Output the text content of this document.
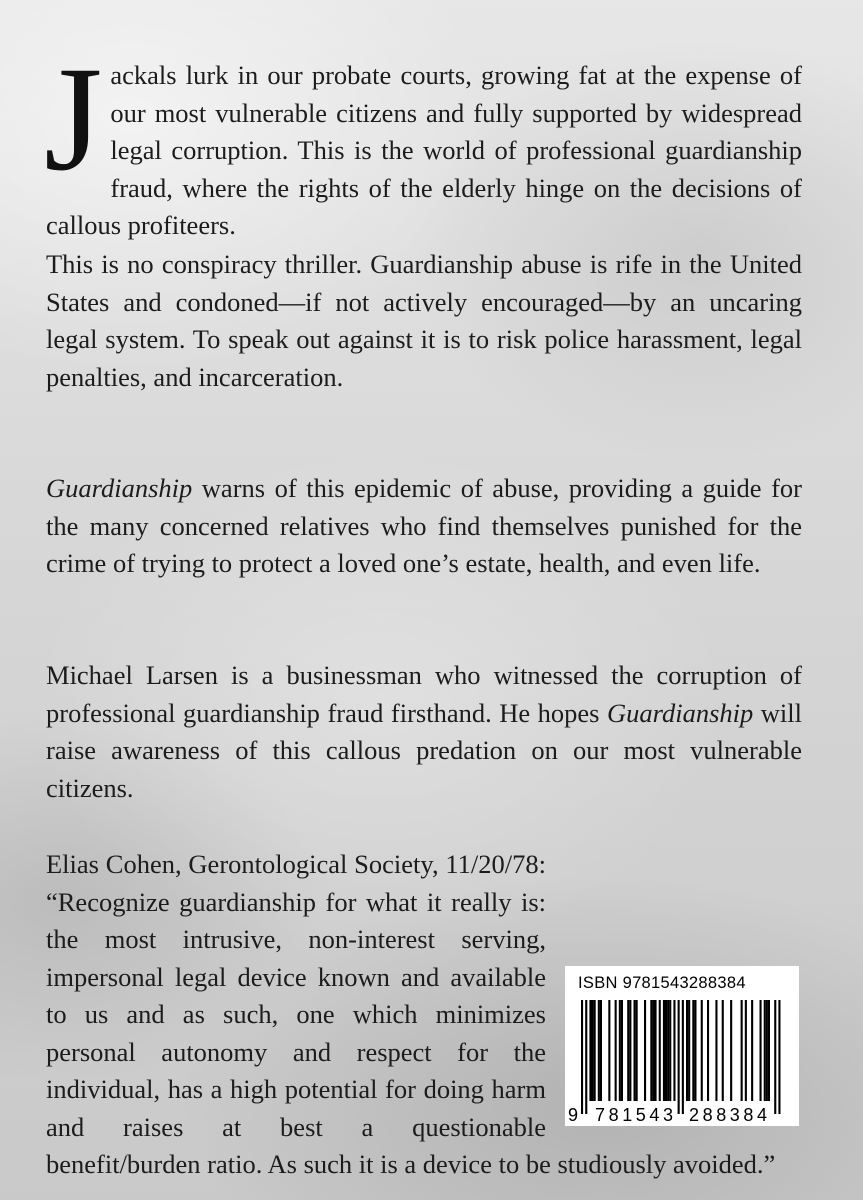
Jackals lurk in our probate courts, growing fat at the expense of our most vulnerable citizens and fully supported by widespread legal corruption. This is the world of professional guardianship fraud, where the rights of the elderly hinge on the decisions of callous profiteers.

This is no conspiracy thriller. Guardianship abuse is rife in the United States and condoned—if not actively encouraged—by an uncaring legal system. To speak out against it is to risk police harassment, legal penalties, and incarceration.

Guardianship warns of this epidemic of abuse, providing a guide for the many concerned relatives who find themselves punished for the crime of trying to protect a loved one’s estate, health, and even life.

Michael Larsen is a businessman who witnessed the corruption of professional guardianship fraud firsthand. He hopes Guardianship will raise awareness of this callous predation on our most vulnerable citizens.

Elias Cohen, Gerontological Society, 11/20/78: “Recognize guardianship for what it really is: the most intrusive, non-interest serving, impersonal legal device known and available to us and as such, one which minimizes personal autonomy and respect for the individual, has a high potential for doing harm and raises at best a questionable benefit/burden ratio. As such it is a device to be studiously avoided.”

ISBN 9781543288384
9 781543 288384
